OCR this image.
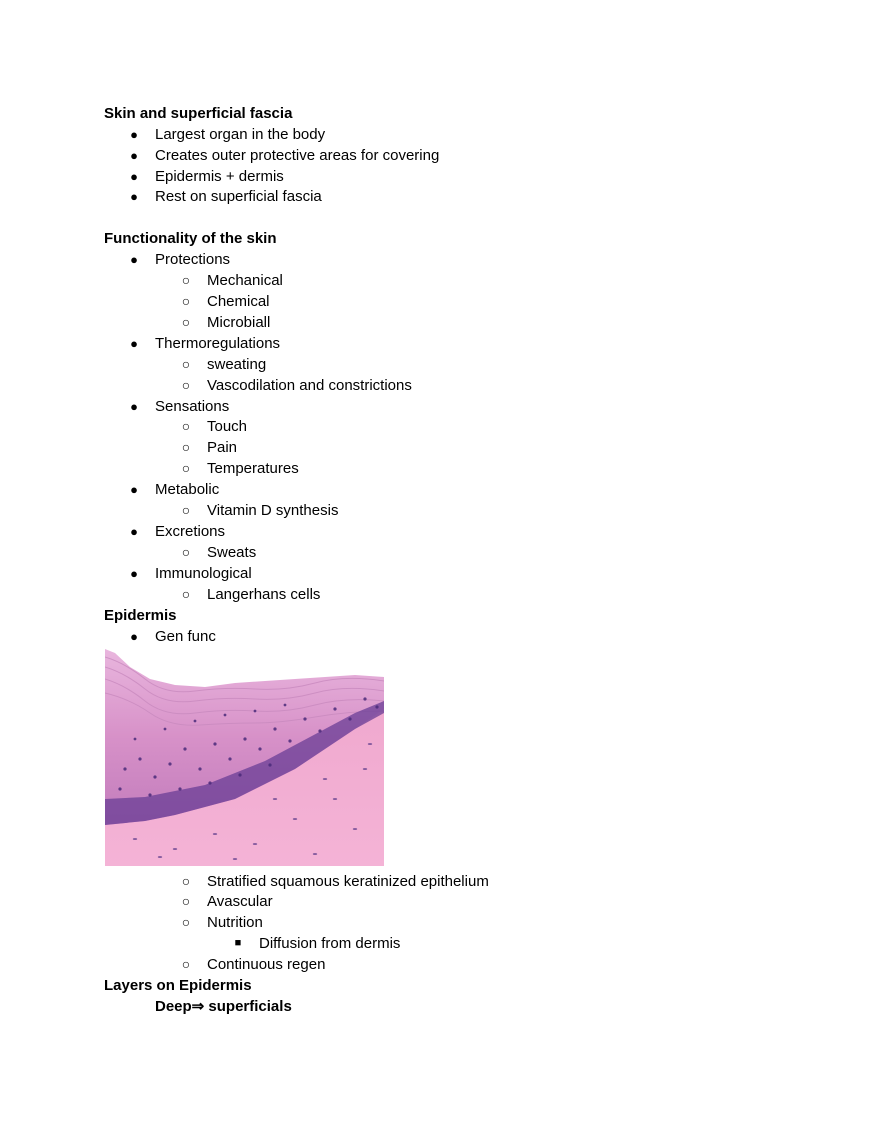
Skin and superficial fascia
● Largest organ in the body
● Creates outer protective areas for covering
● Epidermis + dermis
● Rest on superficial fascia
Functionality of the skin
● Protections
○ Mechanical
○ Chemical
○ Microbiall
● Thermoregulations
○ sweating
○ Vascodilation and constrictions
● Sensations
○ Touch
○ Pain
○ Temperatures
● Metabolic
○ Vitamin D synthesis
● Excretions
○ Sweats
● Immunological
○ Langerhans cells
Epidermis
● Gen func
○ Stratified squamous keratinized epithelium
○ Avascular
○ Nutrition
■ Diffusion from dermis
○ Continuous regen
Layers on Epidermis
Deep⇒ superficials
